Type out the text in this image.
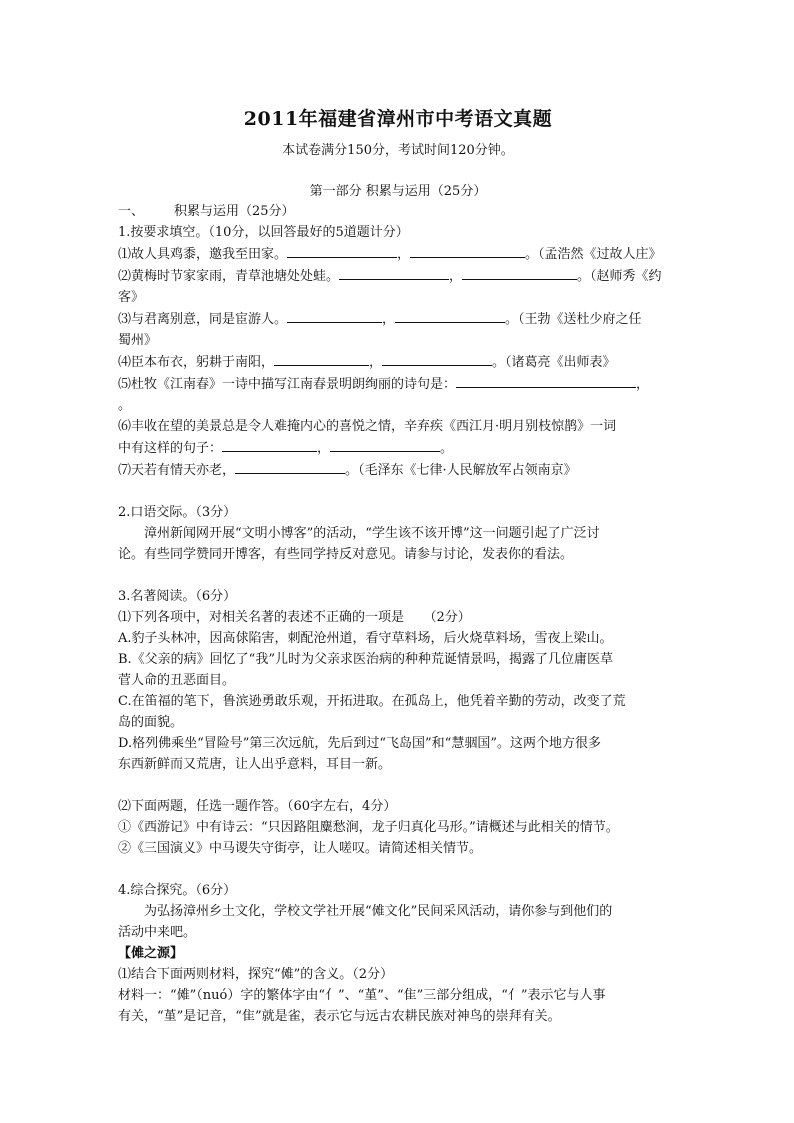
2011年福建省漳州市中考语文真题

本试卷满分150分，考试时间120分钟。

第一部分 积累与运用（25分）

一、	积累与运用（25分）

1.按要求填空。（10分，以回答最好的5道题计分）

⑴故人具鸡黍，邀我至田家。	，	。（孟浩然《过故人庄》

⑵黄梅时节家家雨，青草池塘处处蛙。	，	。（赵师秀《约

客》

⑶与君离别意，同是宦游人。	，	。（王勃《送杜少府之任

蜀州》

⑷臣本布衣，躬耕于南阳，	，	。（诸葛亮《出师表》

⑸杜牧《江南春》一诗中描写江南春景明朗绚丽的诗句是：	，

。

⑹丰收在望的美景总是令人难掩内心的喜悦之情，辛弃疾《西江月·明月别枝惊鹊》一词

中有这样的句子：	，	。

⑺天若有情天亦老，	。（毛泽东《七律·人民解放军占领南京》

2.口语交际。（3分）

漳州新闻网开展“文明小博客”的活动，“学生该不该开博”这一问题引起了广泛讨

论。有些同学赞同开博客，有些同学持反对意见。请参与讨论，发表你的看法。

3.名著阅读。（6分）

⑴下列各项中，对相关名著的表述不正确的一项是　　（2分）

A.豹子头林冲，因高俅陷害，刺配沧州道，看守草料场，后火烧草料场，雪夜上梁山。

B.《父亲的病》回忆了“我”儿时为父亲求医治病的种种荒诞情景吗，揭露了几位庸医草

菅人命的丑恶面目。

C.在笛福的笔下，鲁滨逊勇敢乐观，开拓进取。在孤岛上，他凭着辛勤的劳动，改变了荒

岛的面貌。

D.格列佛乘坐“冒险号”第三次远航，先后到过“飞岛国”和“慧骃国”。这两个地方很多

东西新鲜而又荒唐，让人出乎意料，耳目一新。

⑵下面两题，任选一题作答。（60字左右，4分）

①《西游记》中有诗云：“只因路阻麋愁涧，龙子归真化马形。”请概述与此相关的情节。

②《三国演义》中马谡失守街亭，让人嗟叹。请简述相关情节。

4.综合探究。（6分）

为弘扬漳州乡土文化，学校文学社开展“傩文化”民间采风活动，请你参与到他们的

活动中来吧。

【傩之源】

⑴结合下面两则材料，探究“傩”的含义。（2分）

材料一：“傩”（nuó）字的繁体字由“亻”、“堇”、“隹”三部分组成，“亻”表示它与人事

有关，“堇”是记音，“隹”就是雀，表示它与远古农耕民族对神鸟的崇拜有关。
